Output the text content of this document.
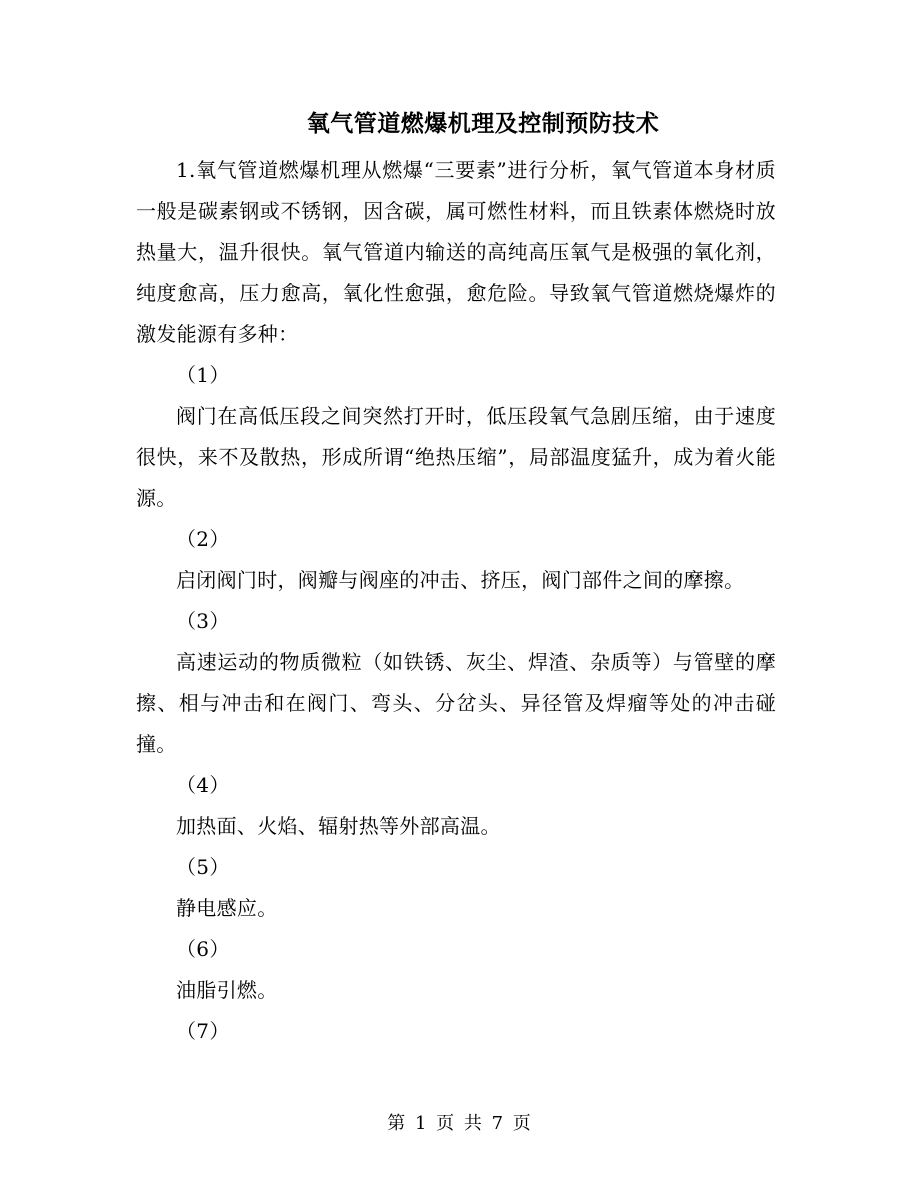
氧气管道燃爆机理及控制预防技术

1.氧气管道燃爆机理从燃爆“三要素”进行分析，氧气管道本身材质一般是碳素钢或不锈钢，因含碳，属可燃性材料，而且铁素体燃烧时放热量大，温升很快。氧气管道内输送的高纯高压氧气是极强的氧化剂，纯度愈高，压力愈高，氧化性愈强，愈危险。导致氧气管道燃烧爆炸的激发能源有多种：

（1）

阀门在高低压段之间突然打开时，低压段氧气急剧压缩，由于速度很快，来不及散热，形成所谓“绝热压缩”，局部温度猛升，成为着火能源。

（2）

启闭阀门时，阀瓣与阀座的冲击、挤压，阀门部件之间的摩擦。

（3）

高速运动的物质微粒（如铁锈、灰尘、焊渣、杂质等）与管壁的摩擦、相与冲击和在阀门、弯头、分岔头、异径管及焊瘤等处的冲击碰撞。

（4）

加热面、火焰、辐射热等外部高温。

（5）

静电感应。

（6）

油脂引燃。

（7）

第 1 页 共 7 页
